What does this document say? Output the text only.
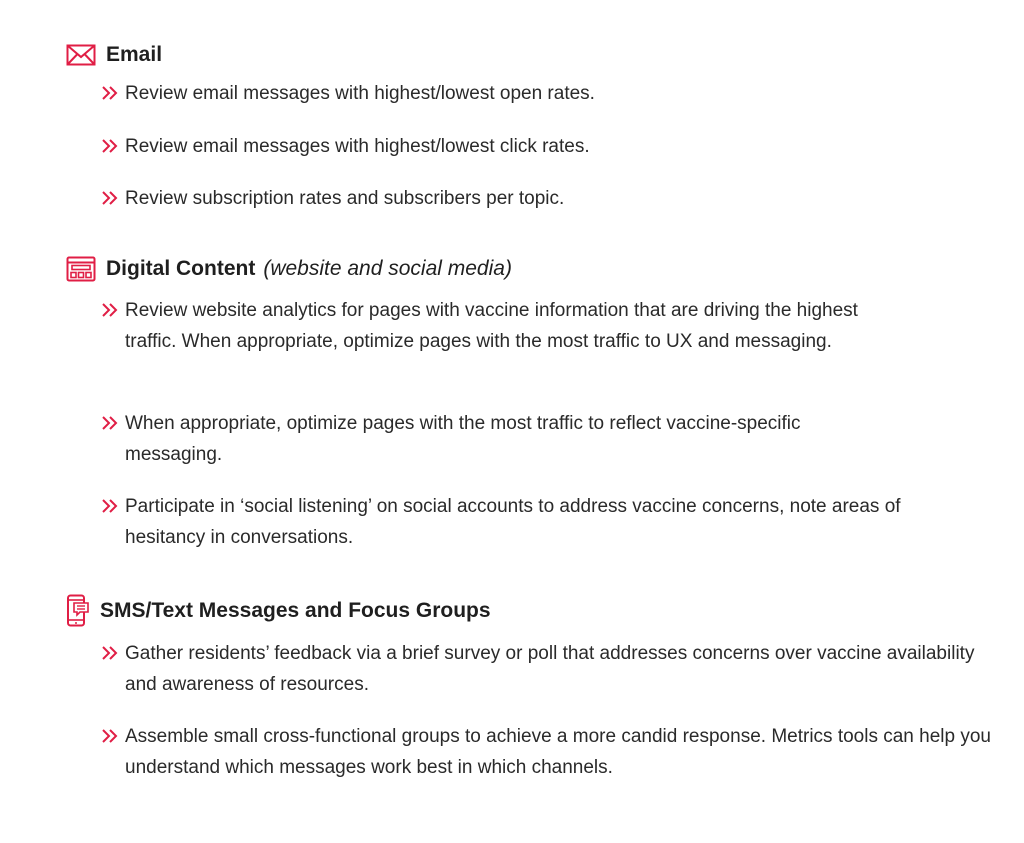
Email
Review email messages with highest/lowest open rates.
Review email messages with highest/lowest click rates.
Review subscription rates and subscribers per topic.
Digital Content (website and social media)
Review website analytics for pages with vaccine information that are driving the highest traffic. When appropriate, optimize pages with the most traffic to UX and messaging.
When appropriate, optimize pages with the most traffic to reflect vaccine-specific messaging.
Participate in ‘social listening’ on social accounts to address vaccine concerns, note areas of hesitancy in conversations.
SMS/Text Messages and Focus Groups
Gather residents’ feedback via a brief survey or poll that addresses concerns over vaccine availability and awareness of resources.
Assemble small cross-functional groups to achieve a more candid response. Metrics tools can help you understand which messages work best in which channels.
